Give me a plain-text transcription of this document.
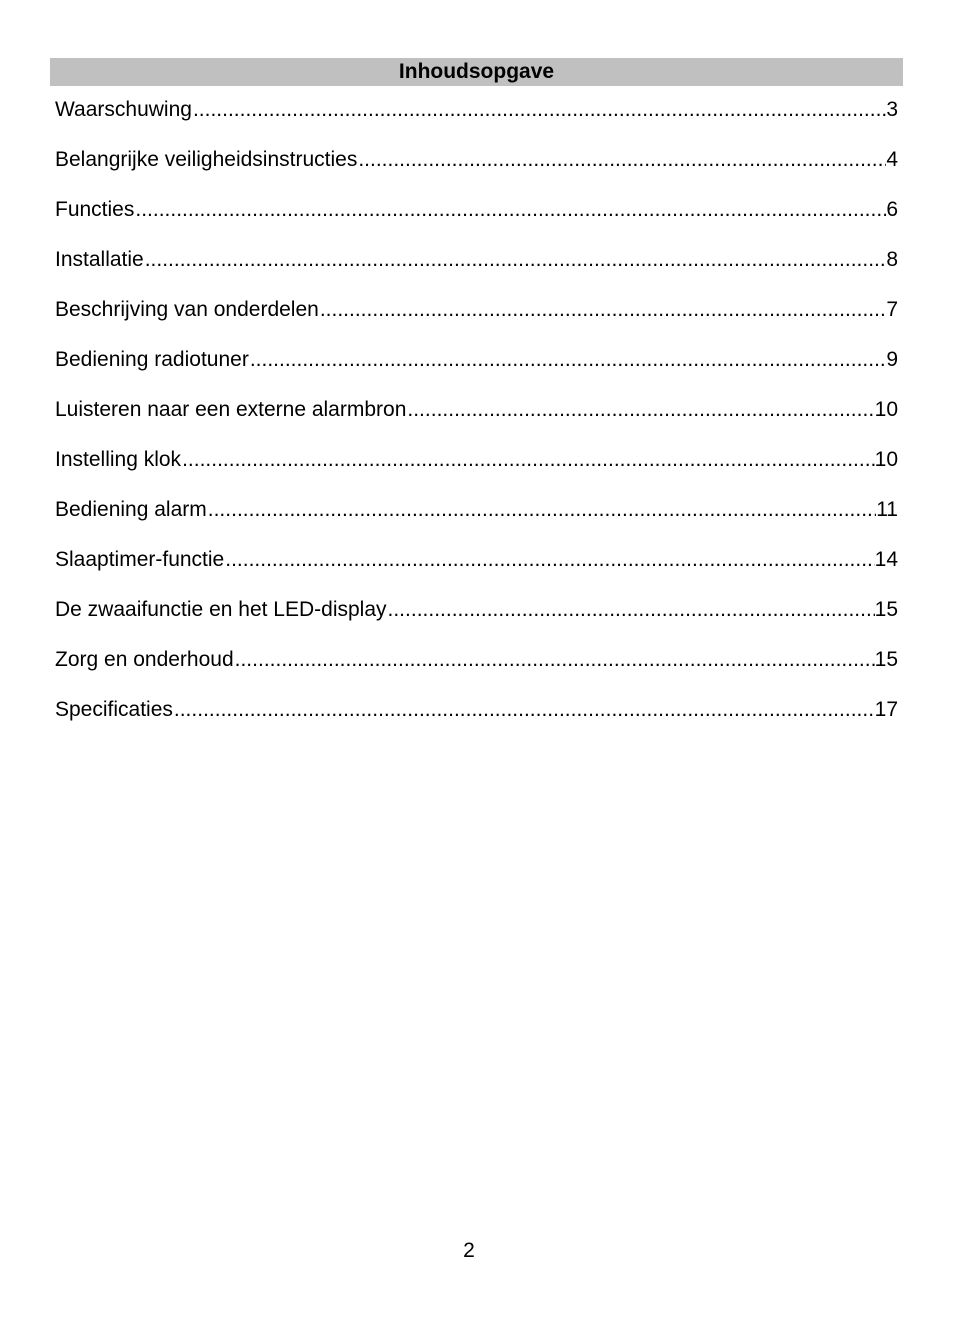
Inhoudsopgave
Waarschuwing	3
.....
Belangrijke veiligheidsinstructies	4
.....
Functies	6
.....
Installatie	8
.....
Beschrijving van onderdelen	7
.....
Bediening radiotuner	9
.....
Luisteren naar een externe alarmbron	10
.....
Instelling klok	10
.....
Bediening alarm	11
.....
Slaaptimer-functie	14
.....
De zwaaifunctie en het LED-display	15
.....
Zorg en onderhoud	15
.....
Specificaties	17
.....
2
